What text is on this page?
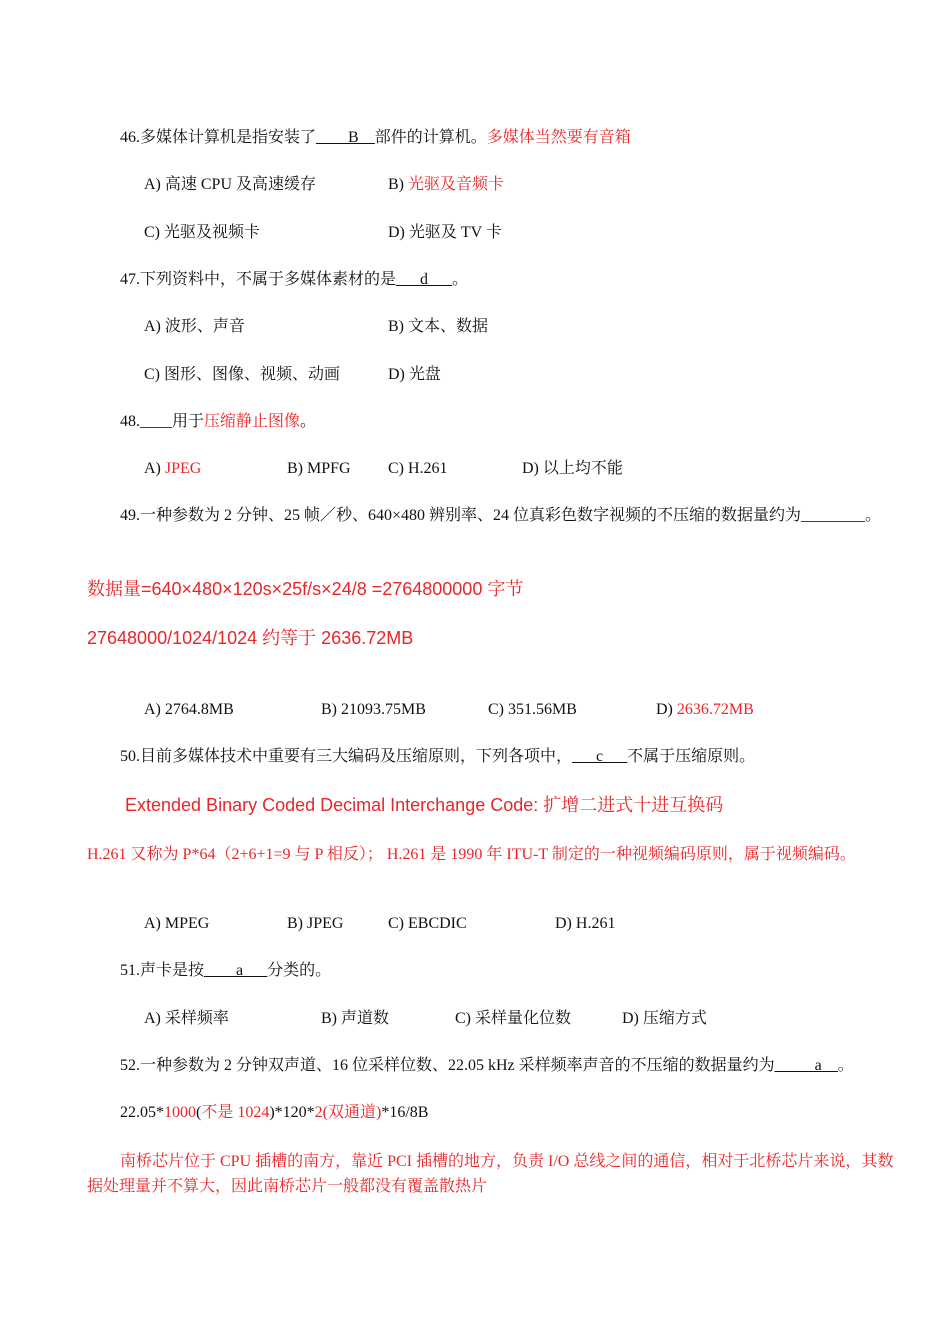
46.多媒体计算机是指安装了____B__部件的计算机。多媒体当然要有音箱
A) 高速 CPU 及高速缓存	B) 光驱及音频卡
C) 光驱及视频卡	D) 光驱及 TV 卡
47.下列资料中，不属于多媒体素材的是___d___。
A) 波形、声音	B) 文本、数据
C) 图形、图像、视频、动画	D) 光盘
48.____用于压缩静止图像。
A) JPEG	B) MPFG C) H.261	D) 以上均不能
49.一种参数为 2 分钟、25 帧／秒、640×480 辨别率、24 位真彩色数字视频的不压缩的数据量约为________。
数据量=640×480×120s×25f/s×24/8 =2764800000 字节
27648000/1024/1024 约等于 2636.72MB
A) 2764.8MB	B) 21093.75MB	C) 351.56MB	D) 2636.72MB
50.目前多媒体技术中重要有三大编码及压缩原则，下列各项中，___c___不属于压缩原则。
Extended Binary Coded Decimal Interchange Code: 扩增二进式十进互换码
H.261 又称为 P*64（2+6+1=9 与 P 相反）； H.261 是 1990 年 ITU-T 制定的一种视频编码原则，属于视频编码。
A) MPEG	B) JPEG	C) EBCDIC	D) H.261
51.声卡是按____a___分类的。
A) 采样频率	B) 声道数	C) 采样量化位数	D) 压缩方式
52.一种参数为 2 分钟双声道、16 位采样位数、22.05 kHz 采样频率声音的不压缩的数据量约为_____a__。
22.05*1000(不是 1024)*120*2(双通道)*16/8B
南桥芯片位于 CPU 插槽的南方，靠近 PCI 插槽的地方，负责 I/O 总线之间的通信，相对于北桥芯片来说，其数据处理量并不算大，因此南桥芯片一般都没有覆盖散热片
